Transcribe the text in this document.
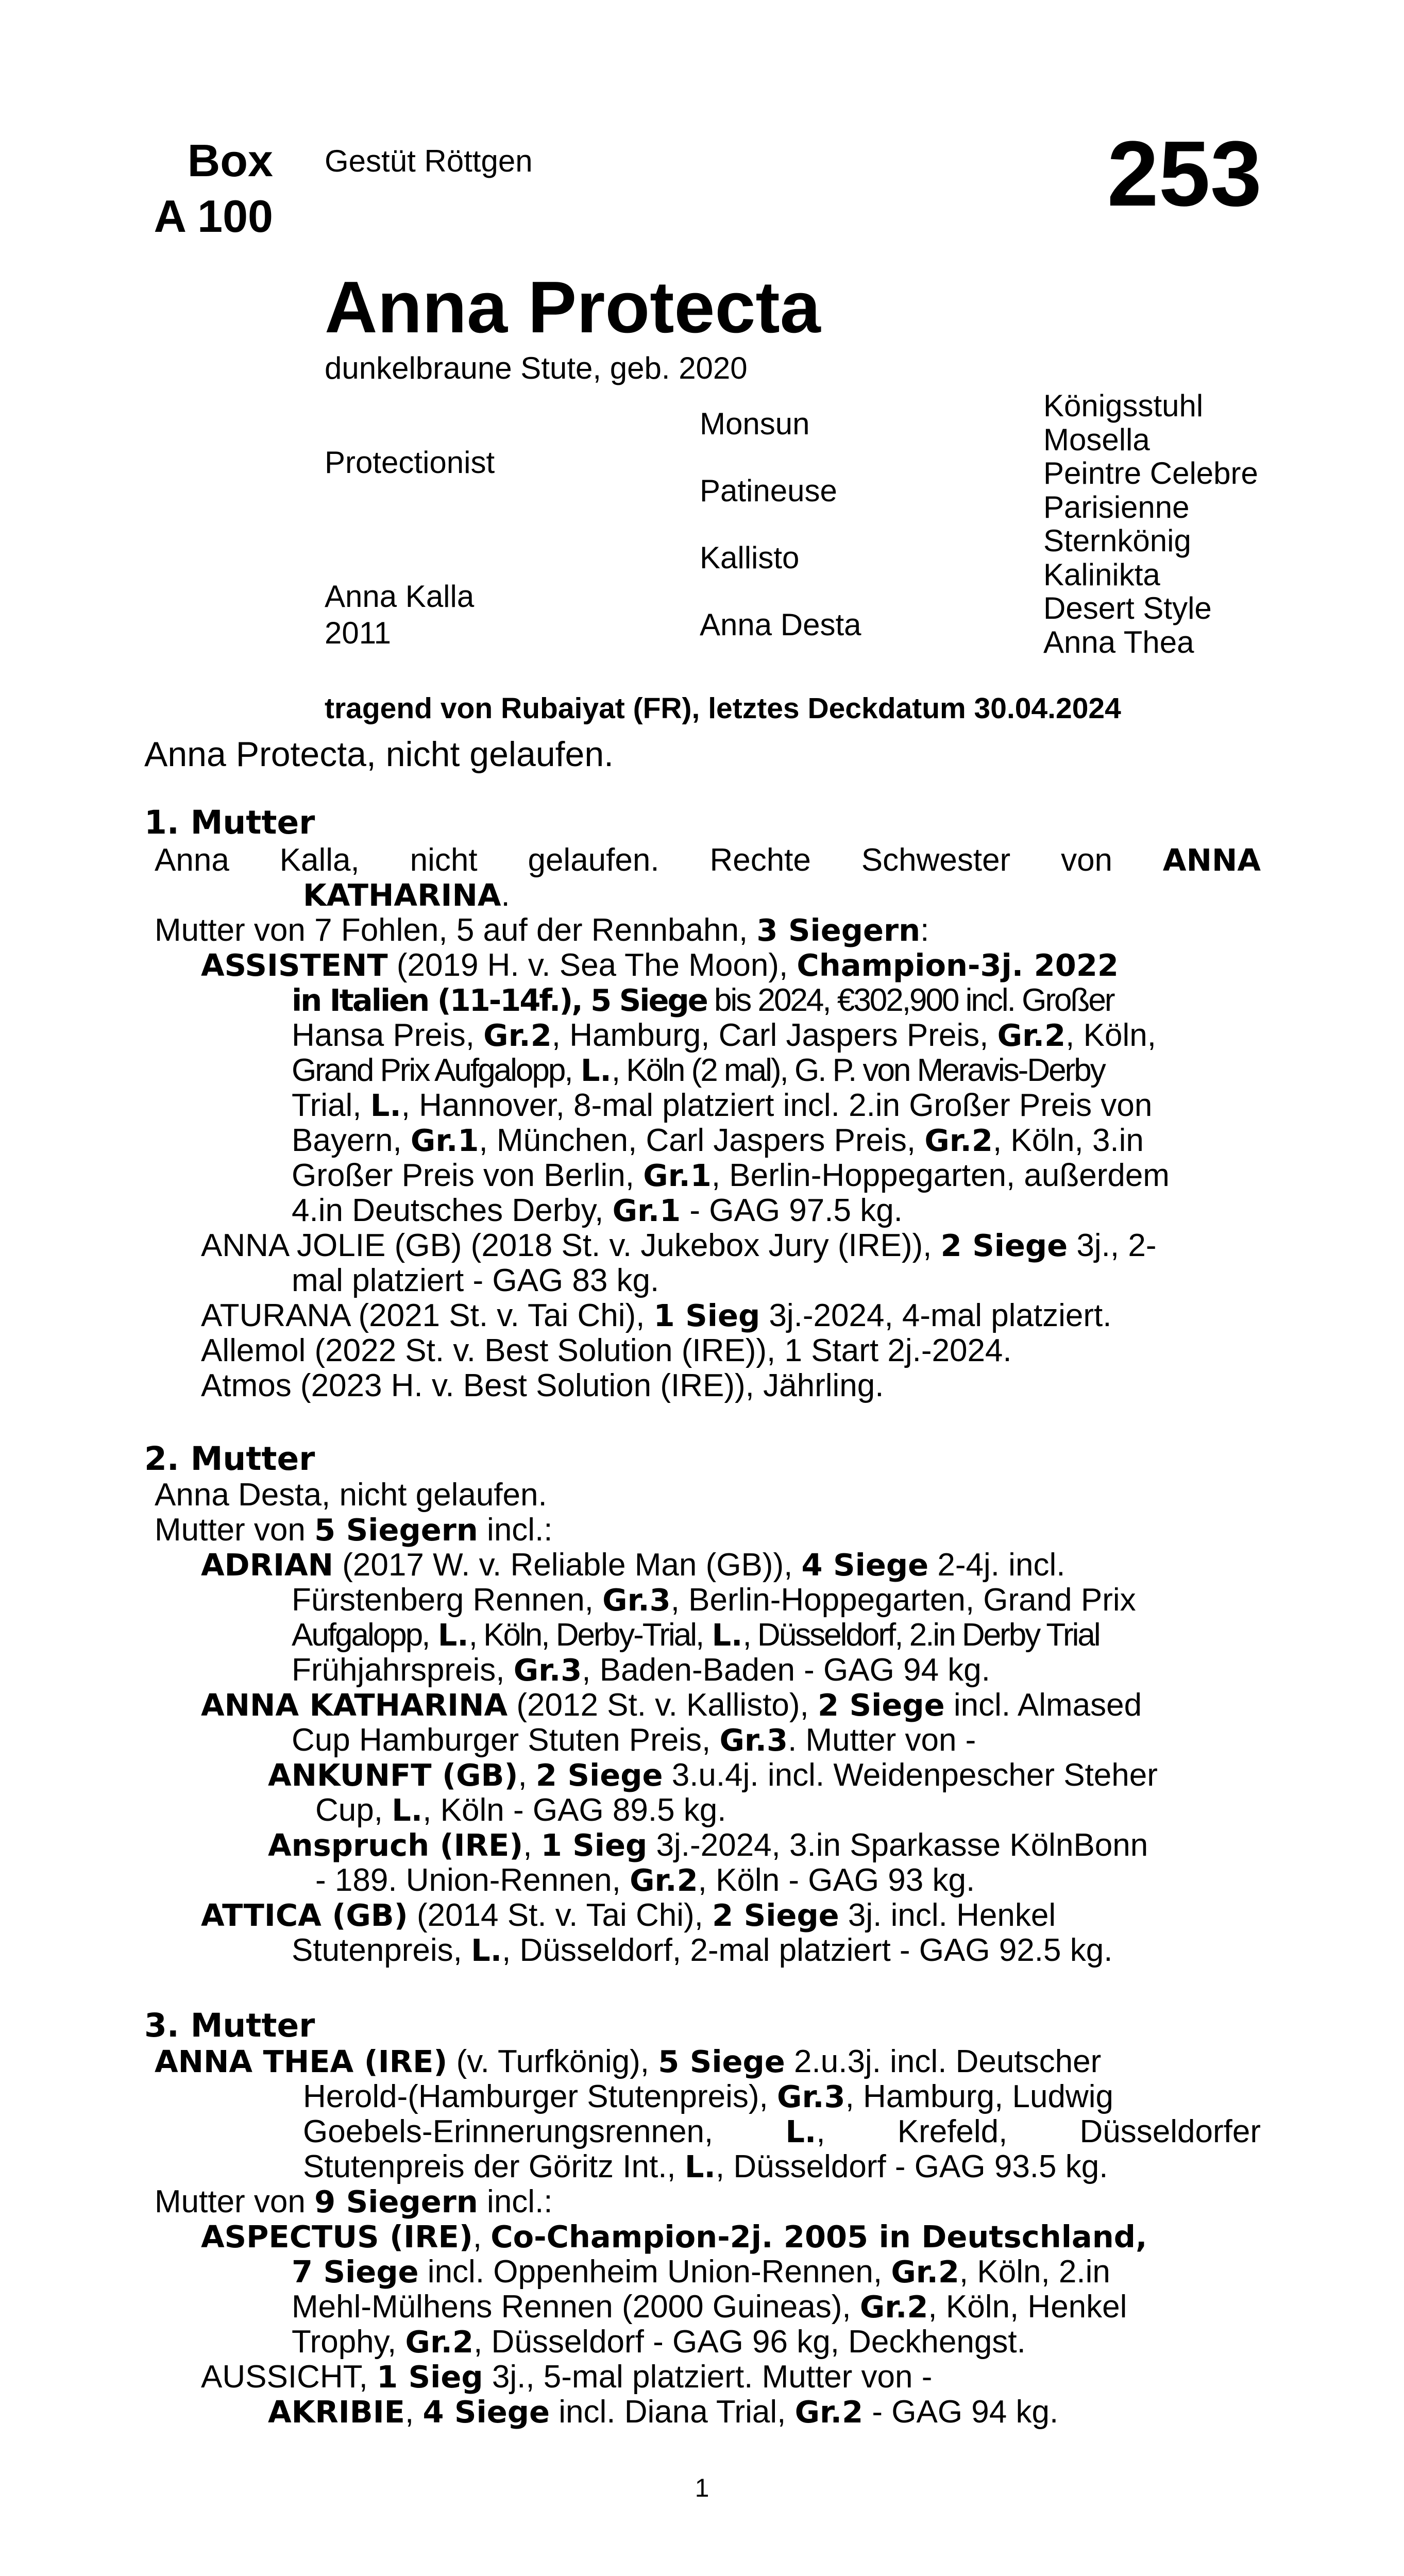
Box
A 100
Gestüt Röttgen	253
Anna Protecta
dunkelbraune Stute, geb. 2020
Protectionist
Anna Kalla
2011
Monsun
Patineuse
Kallisto
Anna Desta
Königsstuhl
Mosella
Peintre Celebre
Parisienne
Sternkönig
Kalinikta
Desert Style
Anna Thea
tragend von Rubaiyat (FR), letztes Deckdatum 30.04.2024
Anna Protecta, nicht gelaufen.
1. Mutter
Anna Kalla, nicht gelaufen. Rechte Schwester von ANNA
KATHARINA.
Mutter von 7 Fohlen, 5 auf der Rennbahn, 3 Siegern:
ASSISTENT (2019 H. v. Sea The Moon), Champion-3j. 2022
in Italien (11-14f.), 5 Siege bis 2024, €302,900 incl. Großer
Hansa Preis, Gr.2, Hamburg, Carl Jaspers Preis, Gr.2, Köln,
Grand Prix Aufgalopp, L., Köln (2 mal), G. P. von Meravis-Derby
Trial, L., Hannover, 8-mal platziert incl. 2.in Großer Preis von
Bayern, Gr.1, München, Carl Jaspers Preis, Gr.2, Köln, 3.in
Großer Preis von Berlin, Gr.1, Berlin-Hoppegarten, außerdem
4.in Deutsches Derby, Gr.1 - GAG 97.5 kg.
ANNA JOLIE (GB) (2018 St. v. Jukebox Jury (IRE)), 2 Siege 3j., 2-
mal platziert - GAG 83 kg.
ATURANA (2021 St. v. Tai Chi), 1 Sieg 3j.-2024, 4-mal platziert.
Allemol (2022 St. v. Best Solution (IRE)), 1 Start 2j.-2024.
Atmos (2023 H. v. Best Solution (IRE)), Jährling.
2. Mutter
Anna Desta, nicht gelaufen.
Mutter von 5 Siegern incl.:
ADRIAN (2017 W. v. Reliable Man (GB)), 4 Siege 2-4j. incl.
Fürstenberg Rennen, Gr.3, Berlin-Hoppegarten, Grand Prix
Aufgalopp, L., Köln, Derby-Trial, L., Düsseldorf, 2.in Derby Trial
Frühjahrspreis, Gr.3, Baden-Baden - GAG 94 kg.
ANNA KATHARINA (2012 St. v. Kallisto), 2 Siege incl. Almased
Cup Hamburger Stuten Preis, Gr.3. Mutter von -
ANKUNFT (GB), 2 Siege 3.u.4j. incl. Weidenpescher Steher
Cup, L., Köln - GAG 89.5 kg.
Anspruch (IRE), 1 Sieg 3j.-2024, 3.in Sparkasse KölnBonn
- 189. Union-Rennen, Gr.2, Köln - GAG 93 kg.
ATTICA (GB) (2014 St. v. Tai Chi), 2 Siege 3j. incl. Henkel
Stutenpreis, L., Düsseldorf, 2-mal platziert - GAG 92.5 kg.
3. Mutter
ANNA THEA (IRE) (v. Turfkönig), 5 Siege 2.u.3j. incl. Deutscher
Herold-(Hamburger Stutenpreis), Gr.3, Hamburg, Ludwig
Goebels-Erinnerungsrennen, L., Krefeld, Düsseldorfer
Stutenpreis der Göritz Int., L., Düsseldorf - GAG 93.5 kg.
Mutter von 9 Siegern incl.:
ASPECTUS (IRE), Co-Champion-2j. 2005 in Deutschland,
7 Siege incl. Oppenheim Union-Rennen, Gr.2, Köln, 2.in
Mehl-Mülhens Rennen (2000 Guineas), Gr.2, Köln, Henkel
Trophy, Gr.2, Düsseldorf - GAG 96 kg, Deckhengst.
AUSSICHT, 1 Sieg 3j., 5-mal platziert. Mutter von -
AKRIBIE, 4 Siege incl. Diana Trial, Gr.2 - GAG 94 kg.
1
